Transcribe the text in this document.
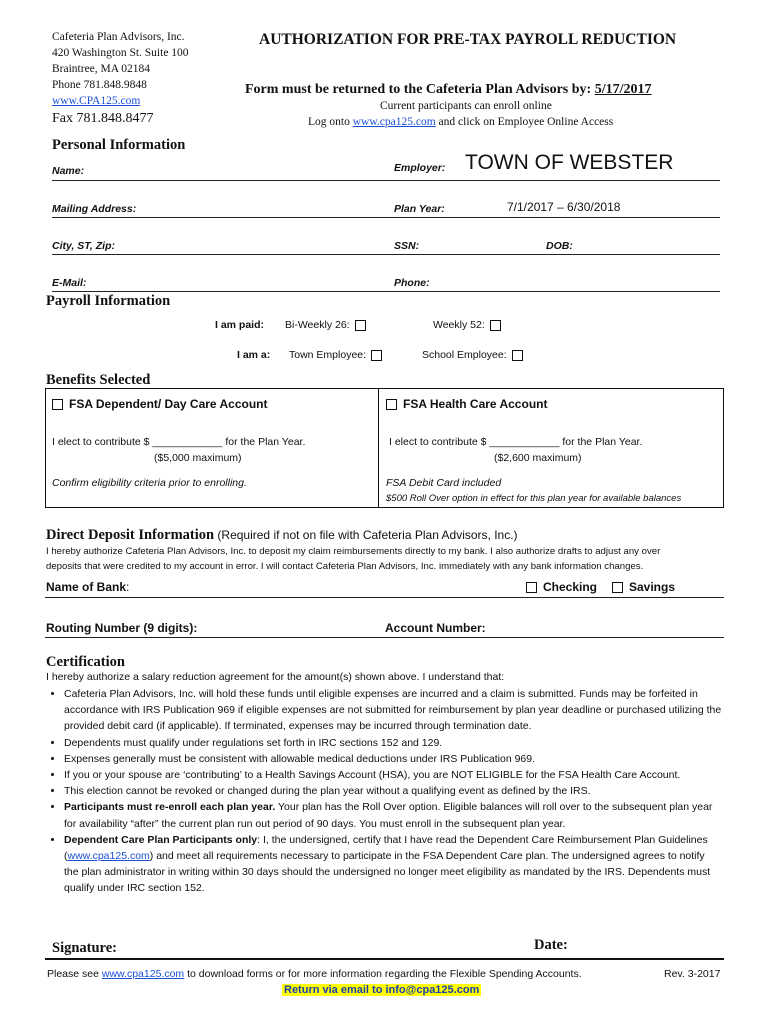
Cafeteria Plan Advisors, Inc.
420 Washington St. Suite 100
Braintree, MA 02184
Phone 781.848.9848
www.CPA125.com
Fax 781.848.8477
AUTHORIZATION FOR PRE-TAX PAYROLL REDUCTION
Form must be returned to the Cafeteria Plan Advisors by: 5/17/2017
Current participants can enroll online
Log onto www.cpa125.com and click on Employee Online Access
Personal Information
Name:	Employer: TOWN OF WEBSTER
Mailing Address:	Plan Year:	7/1/2017 – 6/30/2018
City, ST, Zip:	SSN:	DOB:
E-Mail:	Phone:
Payroll Information
I am paid: Bi-Weekly 26:	Weekly 52:
I am a: Town Employee:	School Employee:
Benefits Selected
FSA Dependent/ Day Care Account
I elect to contribute $ ____________ for the Plan Year.
($5,000 maximum)
Confirm eligibility criteria prior to enrolling.
FSA Health Care Account
I elect to contribute $ ____________ for the Plan Year.
($2,600 maximum)
FSA Debit Card included
$500 Roll Over option in effect for this plan year for available balances
Direct Deposit Information (Required if not on file with Cafeteria Plan Advisors, Inc.)
I hereby authorize Cafeteria Plan Advisors, Inc. to deposit my claim reimbursements directly to my bank. I also authorize drafts to adjust any over
deposits that were credited to my account in error. I will contact Cafeteria Plan Advisors, Inc. immediately with any bank information changes.
Name of Bank:	Checking	Savings
Routing Number (9 digits):	Account Number:
Certification
I hereby authorize a salary reduction agreement for the amount(s) shown above. I understand that:
• Cafeteria Plan Advisors, Inc. will hold these funds until eligible expenses are incurred and a claim is submitted. Funds may be forfeited in accordance with IRS Publication 969 if eligible expenses are not submitted for reimbursement by plan year deadline or purchased utilizing the provided debit card (if applicable). If terminated, expenses may be incurred through termination date.
• Dependents must qualify under regulations set forth in IRC sections 152 and 129.
• Expenses generally must be consistent with allowable medical deductions under IRS Publication 969.
• If you or your spouse are ‘contributing’ to a Health Savings Account (HSA), you are NOT ELIGIBLE for the FSA Health Care Account.
• This election cannot be revoked or changed during the plan year without a qualifying event as defined by the IRS.
• Participants must re-enroll each plan year. Your plan has the Roll Over option. Eligible balances will roll over to the subsequent plan year for availability “after” the current plan run out period of 90 days. You must enroll in the subsequent plan year.
• Dependent Care Plan Participants only: I, the undersigned, certify that I have read the Dependent Care Reimbursement Plan Guidelines (www.cpa125.com) and meet all requirements necessary to participate in the FSA Dependent Care plan. The undersigned agrees to notify the plan administrator in writing within 30 days should the undersigned no longer meet eligibility as mandated by the IRS. Dependents must qualify under IRC section 152.
Signature:	Date:
Please see www.cpa125.com to download forms or for more information regarding the Flexible Spending Accounts.	Rev. 3-2017
Return via email to info@cpa125.com
